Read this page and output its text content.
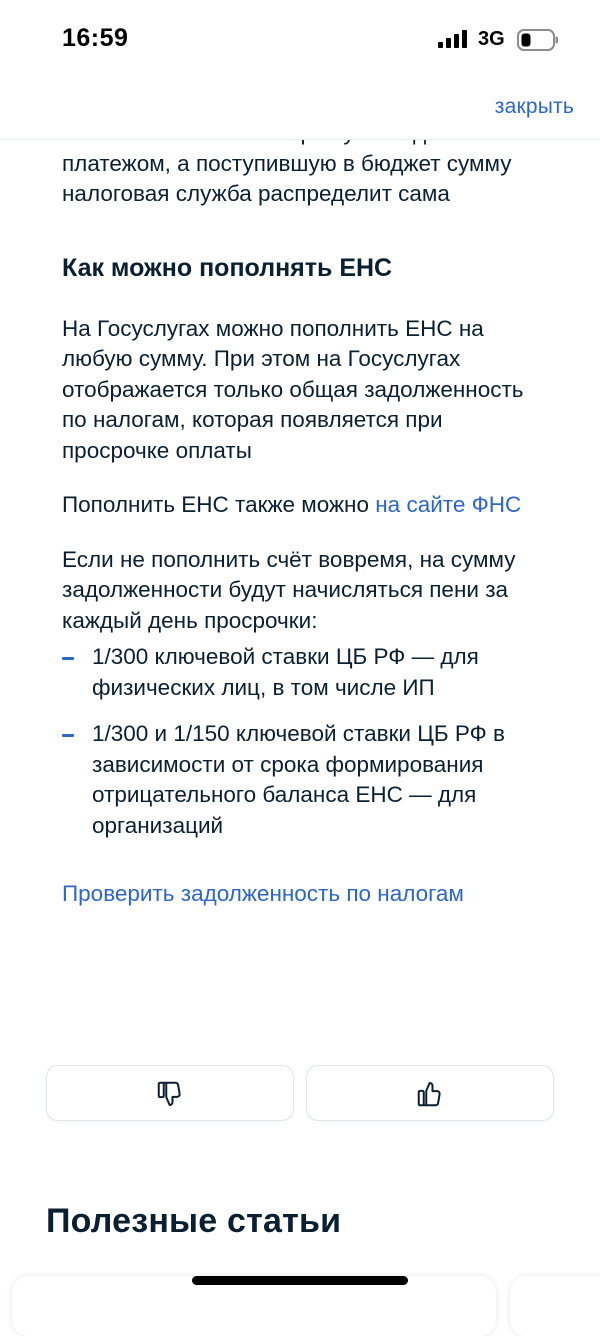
16:59	3G
закрыть

платежом, а поступившую в бюджет сумму налоговая служба распределит сама

Как можно пополнять ЕНС

На Госуслугах можно пополнить ЕНС на любую сумму. При этом на Госуслугах отображается только общая задолженность по налогам, которая появляется при просрочке оплаты

Пополнить ЕНС также можно на сайте ФНС

Если не пополнить счёт вовремя, на сумму задолженности будут начисляться пени за каждый день просрочки:

1/300 ключевой ставки ЦБ РФ — для физических лиц, в том числе ИП
1/300 и 1/150 ключевой ставки ЦБ РФ в зависимости от срока формирования отрицательного баланса ЕНС — для организаций
Проверить задолженность по налогам
Полезные статьи
